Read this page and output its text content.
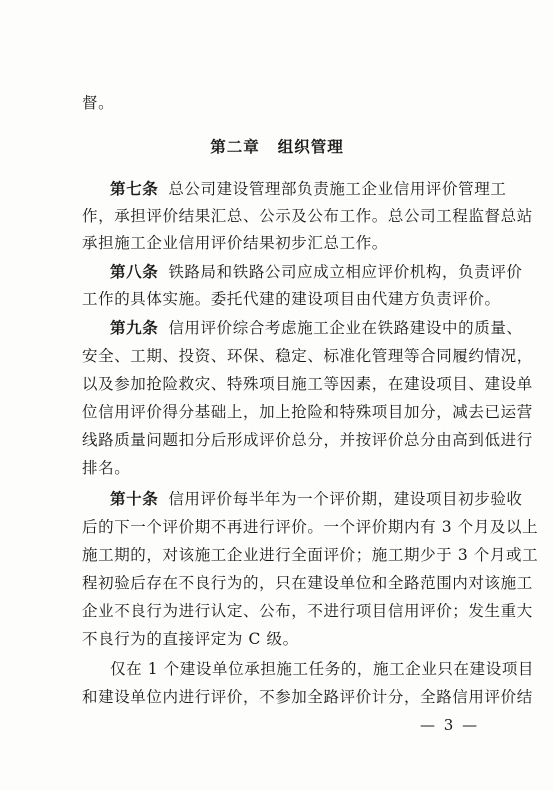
督。
第二章 组织管理
第七条 总公司建设管理部负责施工企业信用评价管理工
作，承担评价结果汇总、公示及公布工作。总公司工程监督总站
承担施工企业信用评价结果初步汇总工作。
第八条 铁路局和铁路公司应成立相应评价机构，负责评价
工作的具体实施。委托代建的建设项目由代建方负责评价。
第九条 信用评价综合考虑施工企业在铁路建设中的质量、
安全、工期、投资、环保、稳定、标准化管理等合同履约情况，
以及参加抢险救灾、特殊项目施工等因素，在建设项目、建设单
位信用评价得分基础上，加上抢险和特殊项目加分，减去已运营
线路质量问题扣分后形成评价总分，并按评价总分由高到低进行
排名。
第十条 信用评价每半年为一个评价期，建设项目初步验收
后的下一个评价期不再进行评价。一个评价期内有 3 个月及以上
施工期的，对该施工企业进行全面评价；施工期少于 3 个月或工
程初验后存在不良行为的，只在建设单位和全路范围内对该施工
企业不良行为进行认定、公布，不进行项目信用评价；发生重大
不良行为的直接评定为 C 级。
仅在 1 个建设单位承担施工任务的，施工企业只在建设项目
和建设单位内进行评价，不参加全路评价计分，全路信用评价结
— 3 —
